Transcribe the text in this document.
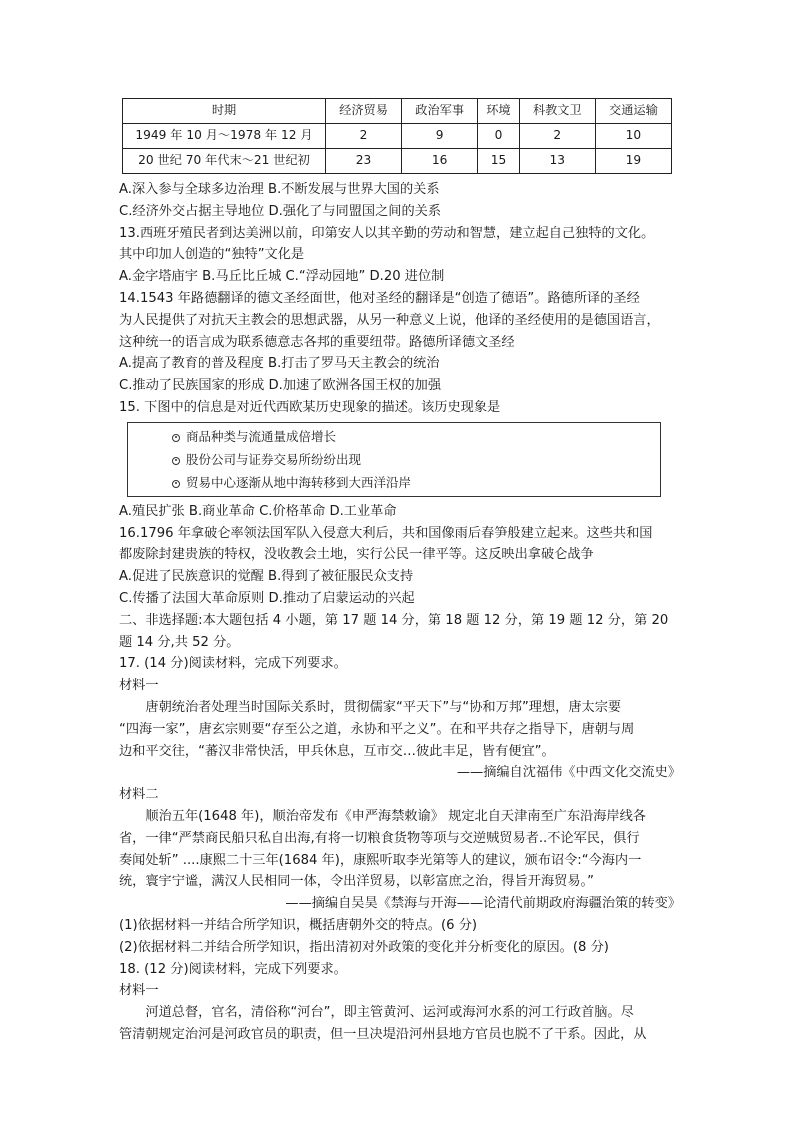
时期	经济贸易	政治军事	环境	科教文卫	交通运输
1949 年 10 月～1978 年 12 月	2	9	0	2	10
20 世纪 70 年代末～21 世纪初	23	16	15	13	19

A.深入参与全球多边治理 B.不断发展与世界大国的关系

C.经济外交占据主导地位 D.强化了与同盟国之间的关系

13.西班牙殖民者到达美洲以前，印第安人以其辛勤的劳动和智慧，建立起自己独特的文化。

其中印加人创造的“独特”文化是

A.金字塔庙宇 B.马丘比丘城 C.“浮动园地” D.20 进位制

14.1543 年路德翻译的德文圣经面世，他对圣经的翻译是“创造了德语”。路德所译的圣经

为人民提供了对抗天主教会的思想武器，从另一种意义上说，他译的圣经使用的是德国语言，

这种统一的语言成为联系德意志各邦的重要纽带。路德所译德文圣经

A.提高了教育的普及程度 B.打击了罗马天主教会的统治

C.推动了民族国家的形成 D.加速了欧洲各国王权的加强

15. 下图中的信息是对近代西欧某历史现象的描述。该历史现象是

商品种类与流通量成倍增长
股份公司与证券交易所纷纷出现
贸易中心逐渐从地中海转移到大西洋沿岸

A.殖民扩张 B.商业革命 C.价格革命 D.工业革命

16.1796 年拿破仑率领法国军队入侵意大利后，共和国像雨后春笋般建立起来。这些共和国

都废除封建贵族的特权，没收教会土地，实行公民一律平等。这反映出拿破仑战争

A.促进了民族意识的觉醒 B.得到了被征服民众支持

C.传播了法国大革命原则 D.推动了启蒙运动的兴起

二、非选择题:本大题包括 4 小题，第 17 题 14 分，第 18 题 12 分，第 19 题 12 分，第 20

题 14 分,共 52 分。

17. (14 分)阅读材料，完成下列要求。

材料一

唐朝统治者处理当时国际关系时，贯彻儒家“平天下”与“协和万邦”理想，唐太宗要

“四海一家”，唐玄宗则要“存至公之道，永协和平之义”。在和平共存之指导下，唐朝与周

边和平交往，“蕃汉非常快活，甲兵休息，互市交…彼此丰足，皆有便宜”。

——摘编自沈福伟《中西文化交流史》

材料二

顺治五年(1648 年)，顺治帝发布《申严海禁敕谕》 规定北自天津南至广东沿海岸线各

省，一律“严禁商民船只私自出海,有将一切粮食货物等项与交逆贼贸易者..不论军民，俱行

奏闻处斩” ....康熙二十三年(1684 年)，康熙听取李光第等人的建议，颁布诏令:“今海内一

统，寰宇宁谧，满汉人民相同一体，令出洋贸易，以彰富庶之治，得旨开海贸易。”

——摘编自吴昊《禁海与开海——论清代前期政府海疆治策的转变》

(1)依据材料一并结合所学知识，概括唐朝外交的特点。(6 分)

(2)依据材料二并结合所学知识，指出清初对外政策的变化并分析变化的原因。(8 分)

18. (12 分)阅读材料，完成下列要求。

材料一

河道总督，官名，清俗称“河台”，即主管黄河、运河或海河水系的河工行政首脑。尽

管清朝规定治河是河政官员的职责，但一旦决堤沿河州县地方官员也脱不了干系。因此，从
